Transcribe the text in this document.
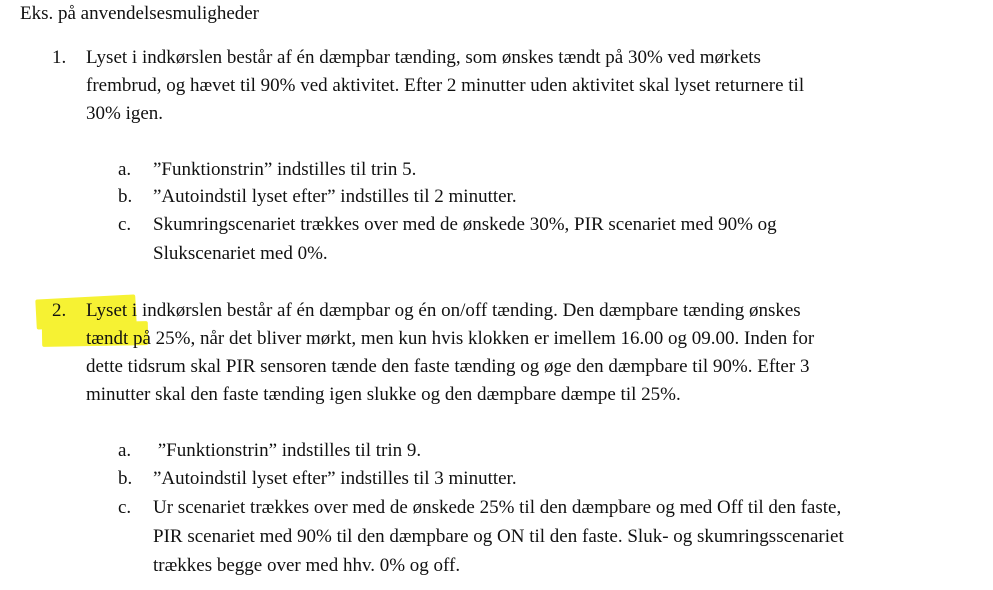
Eks. på anvendelsesmuligheder
1. Lyset i indkørslen består af én dæmpbar tænding, som ønskes tændt på 30% ved mørkets
frembrud, og hævet til 90% ved aktivitet. Efter 2 minutter uden aktivitet skal lyset returnere til
30% igen.
a. ”Funktionstrin” indstilles til trin 5.
b. ”Autoindstil lyset efter” indstilles til 2 minutter.
c. Skumringscenariet trækkes over med de ønskede 30%, PIR scenariet med 90% og
Slukscenariet med 0%.
2. Lyset i indkørslen består af én dæmpbar og én on/off tænding. Den dæmpbare tænding ønskes
tændt på 25%, når det bliver mørkt, men kun hvis klokken er imellem 16.00 og 09.00. Inden for
dette tidsrum skal PIR sensoren tænde den faste tænding og øge den dæmpbare til 90%. Efter 3
minutter skal den faste tænding igen slukke og den dæmpbare dæmpe til 25%.
a. ”Funktionstrin” indstilles til trin 9.
b. ”Autoindstil lyset efter” indstilles til 3 minutter.
c. Ur scenariet trækkes over med de ønskede 25% til den dæmpbare og med Off til den faste,
PIR scenariet med 90% til den dæmpbare og ON til den faste. Sluk- og skumringsscenariet
trækkes begge over med hhv. 0% og off.
